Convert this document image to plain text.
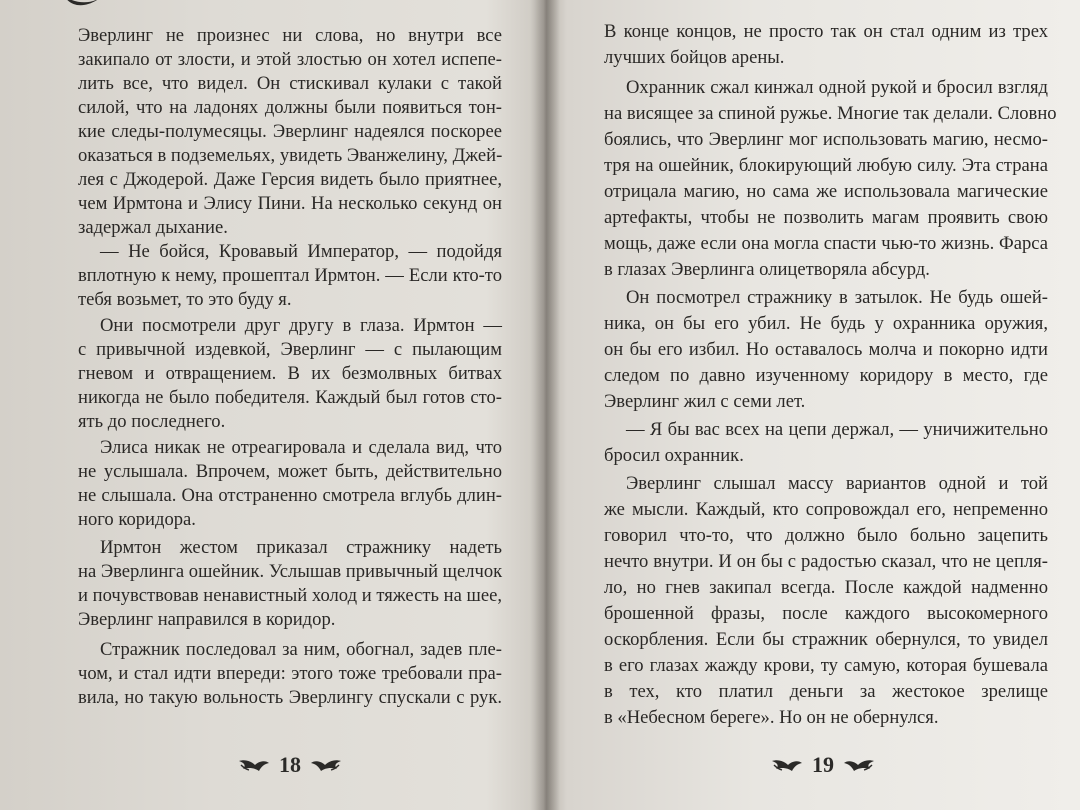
Эверлинг не произнес ни слова, но внутри все
закипало от злости, и этой злостью он хотел испепе-
лить все, что видел. Он стискивал кулаки с такой
силой, что на ладонях должны были появиться тон-
кие следы-полумесяцы. Эверлинг надеялся поскорее
оказаться в подземельях, увидеть Эванжелину, Джей-
лея с Джодерой. Даже Герсия видеть было приятнее,
чем Ирмтона и Элису Пини. На несколько секунд он
задержал дыхание.
— Не бойся, Кровавый Император, — подойдя
вплотную к нему, прошептал Ирмтон. — Если кто-то
тебя возьмет, то это буду я.
Они посмотрели друг другу в глаза. Ирмтон —
с привычной издевкой, Эверлинг — с пылающим
гневом и отвращением. В их безмолвных битвах
никогда не было победителя. Каждый был готов сто-
ять до последнего.
Элиса никак не отреагировала и сделала вид, что
не услышала. Впрочем, может быть, действительно
не слышала. Она отстраненно смотрела вглубь длин-
ного коридора.
Ирмтон жестом приказал стражнику надеть
на Эверлинга ошейник. Услышав привычный щелчок
и почувствовав ненавистный холод и тяжесть на шее,
Эверлинг направился в коридор.
Стражник последовал за ним, обогнал, задев пле-
чом, и стал идти впереди: этого тоже требовали пра-
вила, но такую вольность Эверлингу спускали с рук.
В конце концов, не просто так он стал одним из трех
лучших бойцов арены.
Охранник сжал кинжал одной рукой и бросил взгляд
на висящее за спиной ружье. Многие так делали. Словно
боялись, что Эверлинг мог использовать магию, несмо-
тря на ошейник, блокирующий любую силу. Эта страна
отрицала магию, но сама же использовала магические
артефакты, чтобы не позволить магам проявить свою
мощь, даже если она могла спасти чью-то жизнь. Фарса
в глазах Эверлинга олицетворяла абсурд.
Он посмотрел стражнику в затылок. Не будь ошей-
ника, он бы его убил. Не будь у охранника оружия,
он бы его избил. Но оставалось молча и покорно идти
следом по давно изученному коридору в место, где
Эверлинг жил с семи лет.
— Я бы вас всех на цепи держал, — уничижительно
бросил охранник.
Эверлинг слышал массу вариантов одной и той
же мысли. Каждый, кто сопровождал его, непременно
говорил что-то, что должно было больно зацепить
нечто внутри. И он бы с радостью сказал, что не цепля-
ло, но гнев закипал всегда. После каждой надменно
брошенной фразы, после каждого высокомерного
оскорбления. Если бы стражник обернулся, то увидел
в его глазах жажду крови, ту самую, которая бушевала
в тех, кто платил деньги за жестокое зрелище
в «Небесном береге». Но он не обернулся.
18	19
